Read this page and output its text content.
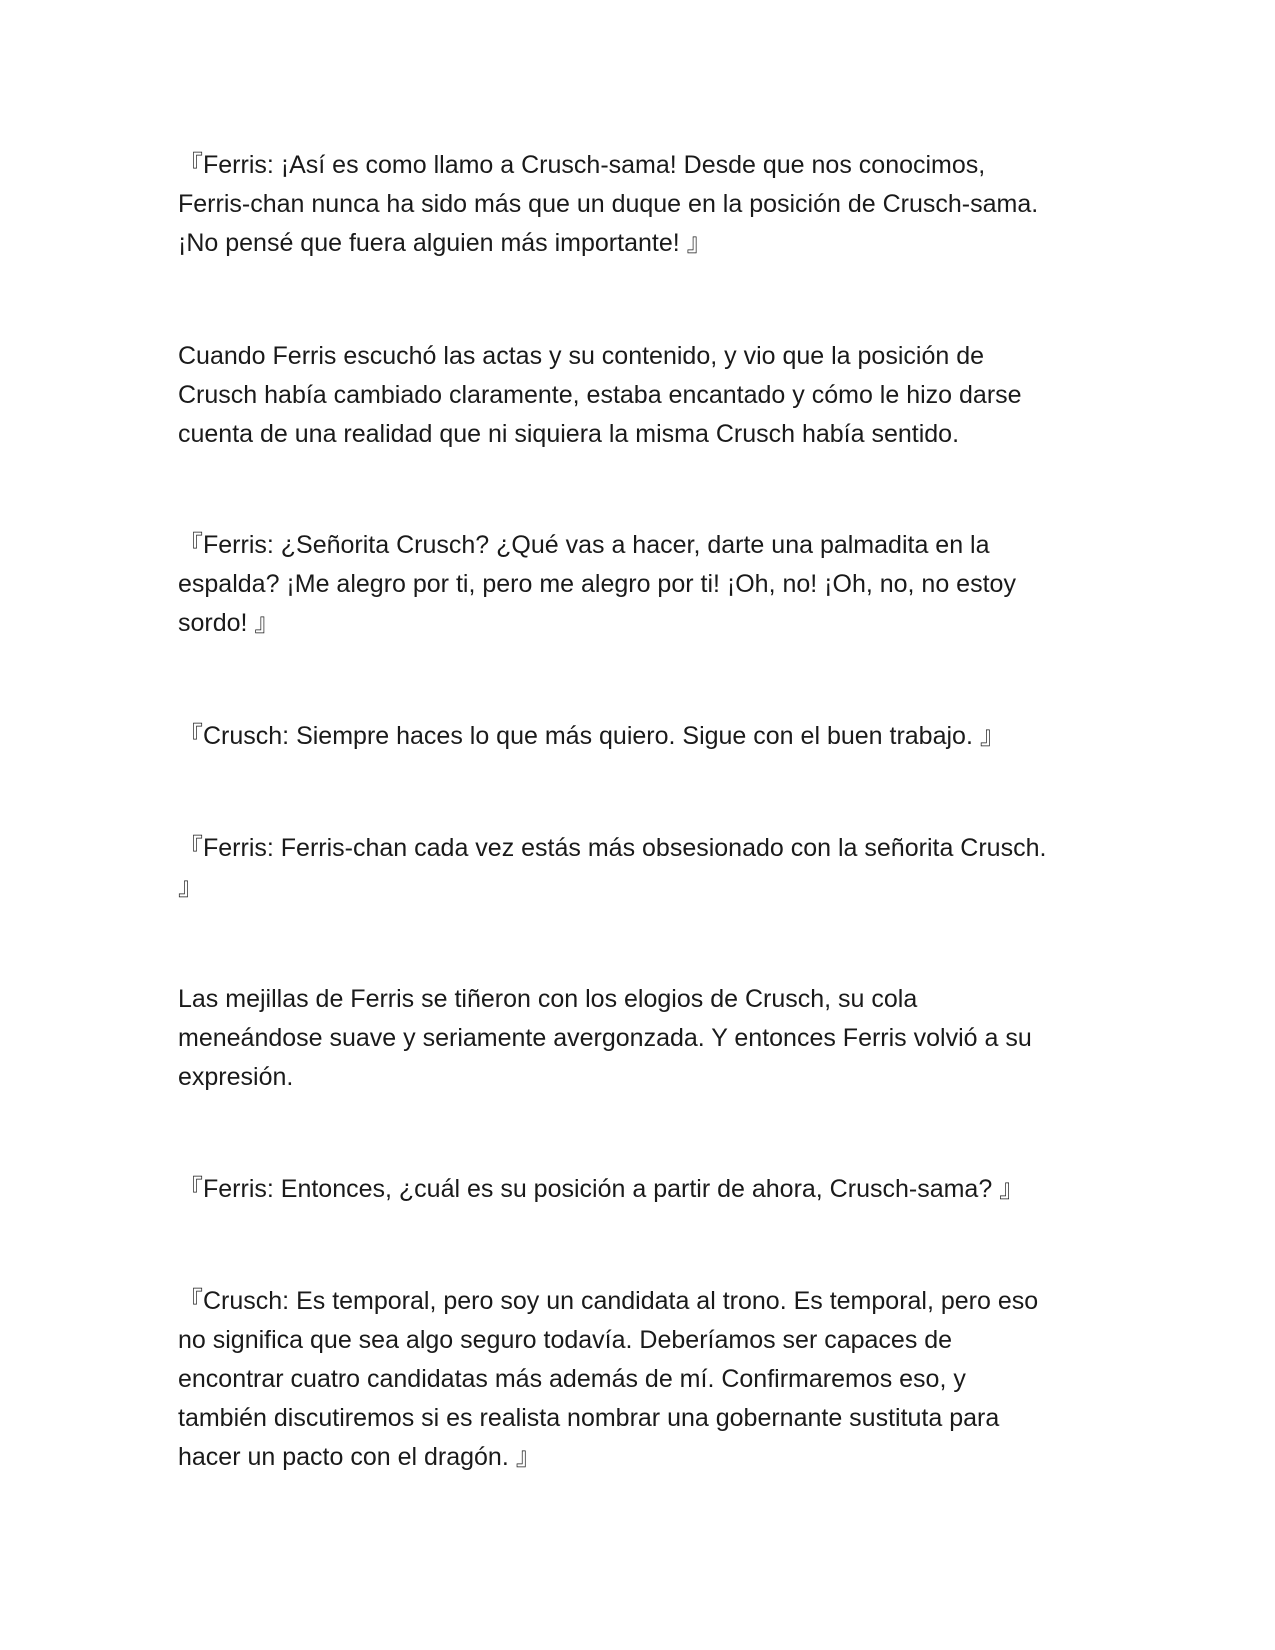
『Ferris: ¡Así es como llamo a Crusch-sama! Desde que nos conocimos,
Ferris-chan nunca ha sido más que un duque en la posición de Crusch-sama.
¡No pensé que fuera alguien más importante! 』

Cuando Ferris escuchó las actas y su contenido, y vio que la posición de
Crusch había cambiado claramente, estaba encantado y cómo le hizo darse
cuenta de una realidad que ni siquiera la misma Crusch había sentido.

『Ferris: ¿Señorita Crusch? ¿Qué vas a hacer, darte una palmadita en la
espalda? ¡Me alegro por ti, pero me alegro por ti! ¡Oh, no! ¡Oh, no, no estoy
sordo! 』

『Crusch: Siempre haces lo que más quiero. Sigue con el buen trabajo. 』

『Ferris: Ferris-chan cada vez estás más obsesionado con la señorita Crusch.
』

Las mejillas de Ferris se tiñeron con los elogios de Crusch, su cola
meneándose suave y seriamente avergonzada. Y entonces Ferris volvió a su
expresión.

『Ferris: Entonces, ¿cuál es su posición a partir de ahora, Crusch-sama? 』

『Crusch: Es temporal, pero soy un candidata al trono. Es temporal, pero eso
no significa que sea algo seguro todavía. Deberíamos ser capaces de
encontrar cuatro candidatas más además de mí. Confirmaremos eso, y
también discutiremos si es realista nombrar una gobernante sustituta para
hacer un pacto con el dragón. 』
